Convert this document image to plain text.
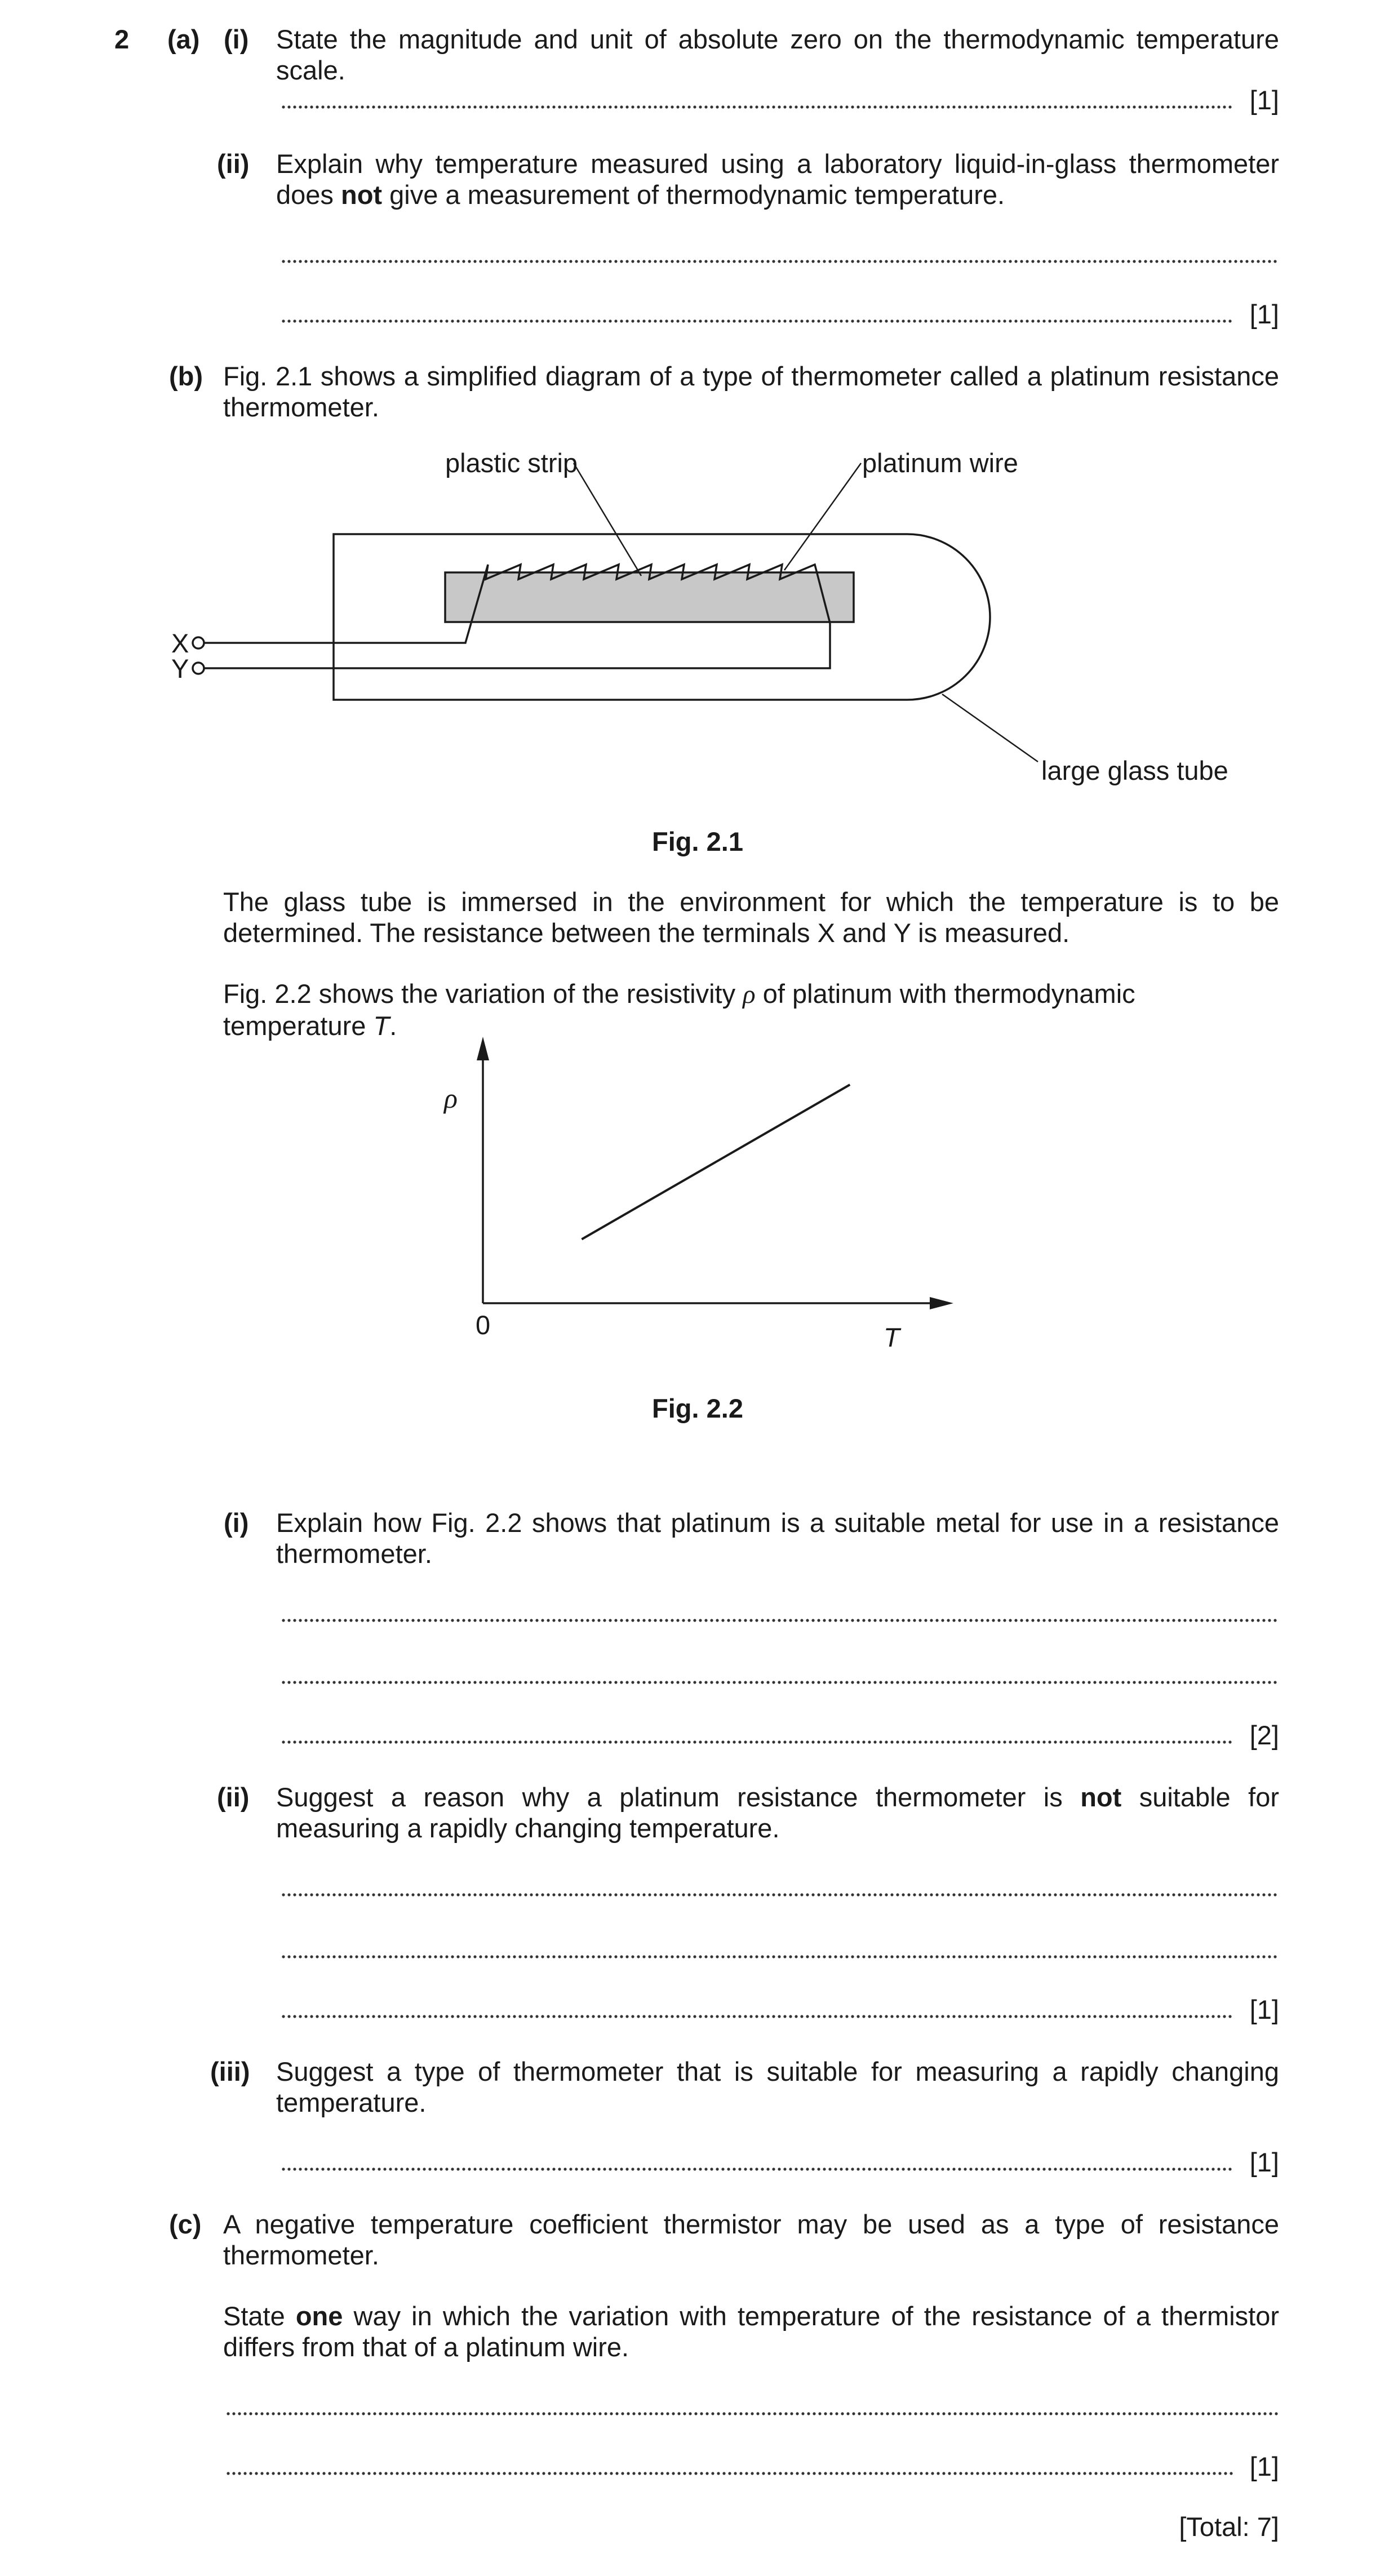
2 (a) (i) State the magnitude and unit of absolute zero on the thermodynamic temperature scale.
[1]
(ii) Explain why temperature measured using a laboratory liquid-in-glass thermometer does not give a measurement of thermodynamic temperature.
[1]
(b) Fig. 2.1 shows a simplified diagram of a type of thermometer called a platinum resistance thermometer.
plastic strip	platinum wire
large glass tube
X
Y
Fig. 2.1
The glass tube is immersed in the environment for which the temperature is to be determined. The resistance between the terminals X and Y is measured.
Fig. 2.2 shows the variation of the resistivity ρ of platinum with thermodynamic temperature T.
ρ
0	T
Fig. 2.2
(i) Explain how Fig. 2.2 shows that platinum is a suitable metal for use in a resistance thermometer.
[2]
(ii) Suggest a reason why a platinum resistance thermometer is not suitable for measuring a rapidly changing temperature.
[1]
(iii) Suggest a type of thermometer that is suitable for measuring a rapidly changing temperature.
[1]
(c) A negative temperature coefficient thermistor may be used as a type of resistance thermometer.
State one way in which the variation with temperature of the resistance of a thermistor differs from that of a platinum wire.
[1]
[Total: 7]
